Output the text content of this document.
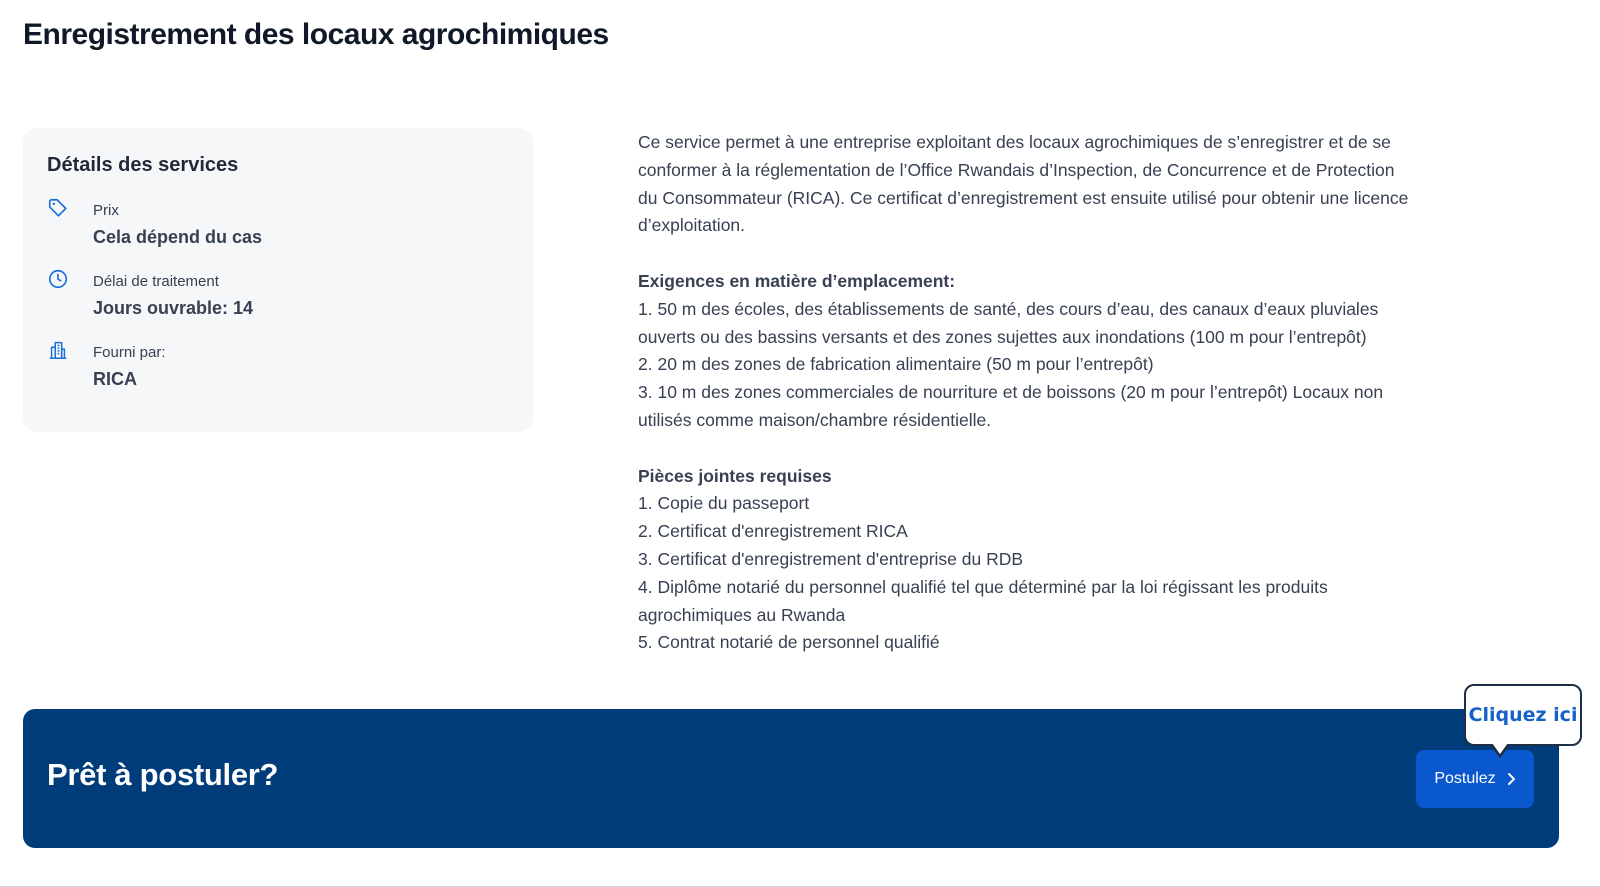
Enregistrement des locaux agrochimiques
Détails des services
Prix
Cela dépend du cas
Délai de traitement
Jours ouvrable: 14
Fourni par:
RICA

Ce service permet à une entreprise exploitant des locaux agrochimiques de s’enregistrer et de se conformer à la réglementation de l’Office Rwandais d’Inspection, de Concurrence et de Protection du Consommateur (RICA). Ce certificat d’enregistrement est ensuite utilisé pour obtenir une licence d’exploitation.

Exigences en matière d’emplacement:

1. 50 m des écoles, des établissements de santé, des cours d’eau, des canaux d’eaux pluviales ouverts ou des bassins versants et des zones sujettes aux inondations (100 m pour l’entrepôt)

2. 20 m des zones de fabrication alimentaire (50 m pour l’entrepôt)

3. 10 m des zones commerciales de nourriture et de boissons (20 m pour l’entrepôt) Locaux non utilisés comme maison/chambre résidentielle.

Pièces jointes requises

1. Copie du passeport

2. Certificat d'enregistrement RICA

3. Certificat d'enregistrement d'entreprise du RDB

4. Diplôme notarié du personnel qualifié tel que déterminé par la loi régissant les produits agrochimiques au Rwanda

5. Contrat notarié de personnel qualifié

Prêt à postuler?	Postulez
Cliquez ici
